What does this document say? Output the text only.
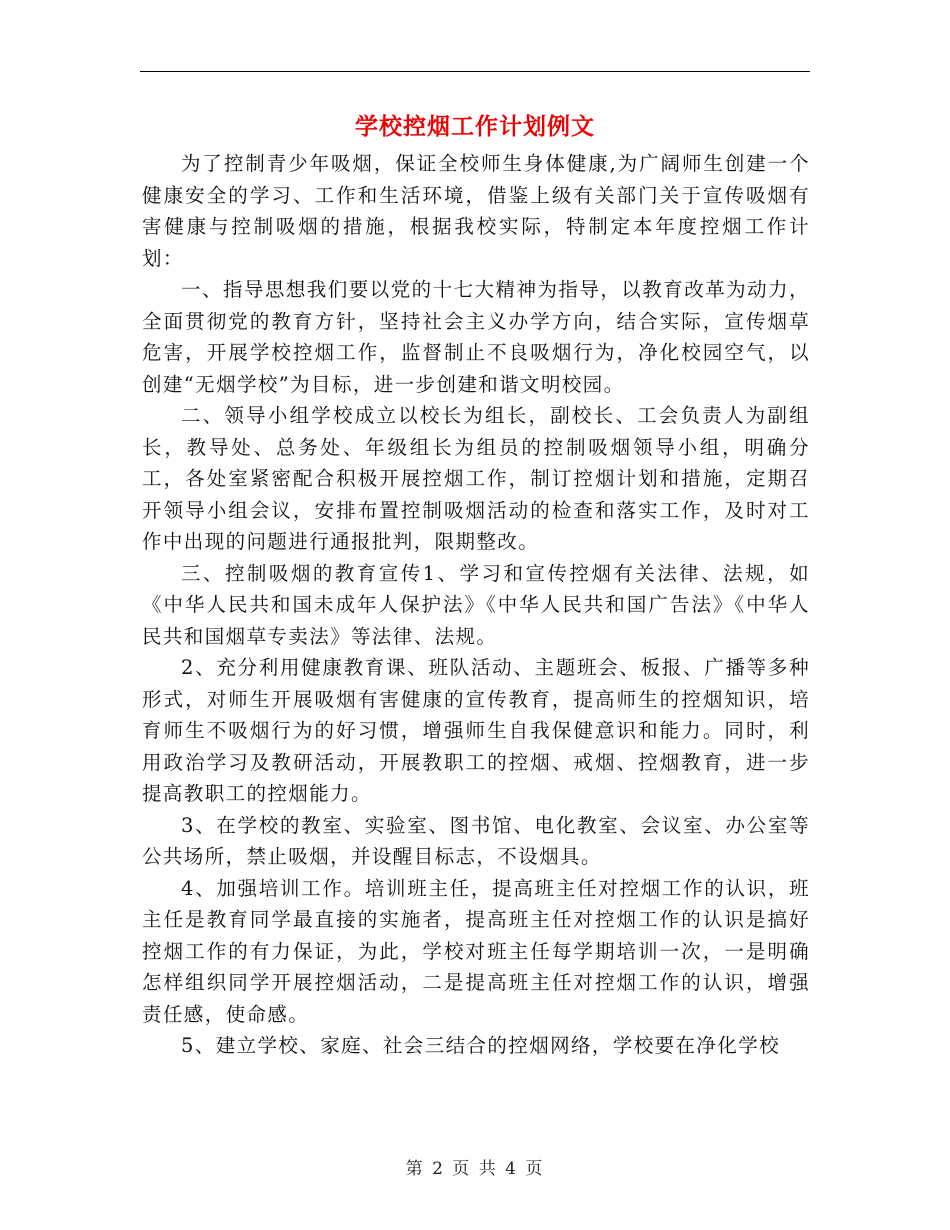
学校控烟工作计划例文

为了控制青少年吸烟，保证全校师生身体健康,为广阔师生创建一个健康安全的学习、工作和生活环境，借鉴上级有关部门关于宣传吸烟有害健康与控制吸烟的措施，根据我校实际，特制定本年度控烟工作计划：

一、指导思想我们要以党的十七大精神为指导，以教育改革为动力，全面贯彻党的教育方针，坚持社会主义办学方向，结合实际，宣传烟草危害，开展学校控烟工作，监督制止不良吸烟行为，净化校园空气，以创建“无烟学校”为目标，进一步创建和谐文明校园。

二、领导小组学校成立以校长为组长，副校长、工会负责人为副组长，教导处、总务处、年级组长为组员的控制吸烟领导小组，明确分工，各处室紧密配合积极开展控烟工作，制订控烟计划和措施，定期召开领导小组会议，安排布置控制吸烟活动的检查和落实工作，及时对工作中出现的问题进行通报批判，限期整改。

三、控制吸烟的教育宣传1、学习和宣传控烟有关法律、法规，如《中华人民共和国未成年人保护法》《中华人民共和国广告法》《中华人民共和国烟草专卖法》等法律、法规。

2、充分利用健康教育课、班队活动、主题班会、板报、广播等多种形式，对师生开展吸烟有害健康的宣传教育，提高师生的控烟知识，培育师生不吸烟行为的好习惯，增强师生自我保健意识和能力。同时，利用政治学习及教研活动，开展教职工的控烟、戒烟、控烟教育，进一步提高教职工的控烟能力。

3、在学校的教室、实验室、图书馆、电化教室、会议室、办公室等公共场所，禁止吸烟，并设醒目标志，不设烟具。

4、加强培训工作。培训班主任，提高班主任对控烟工作的认识，班主任是教育同学最直接的实施者，提高班主任对控烟工作的认识是搞好控烟工作的有力保证，为此，学校对班主任每学期培训一次，一是明确怎样组织同学开展控烟活动，二是提高班主任对控烟工作的认识，增强责任感，使命感。

5、建立学校、家庭、社会三结合的控烟网络，学校要在净化学校

第 2 页 共 4 页
